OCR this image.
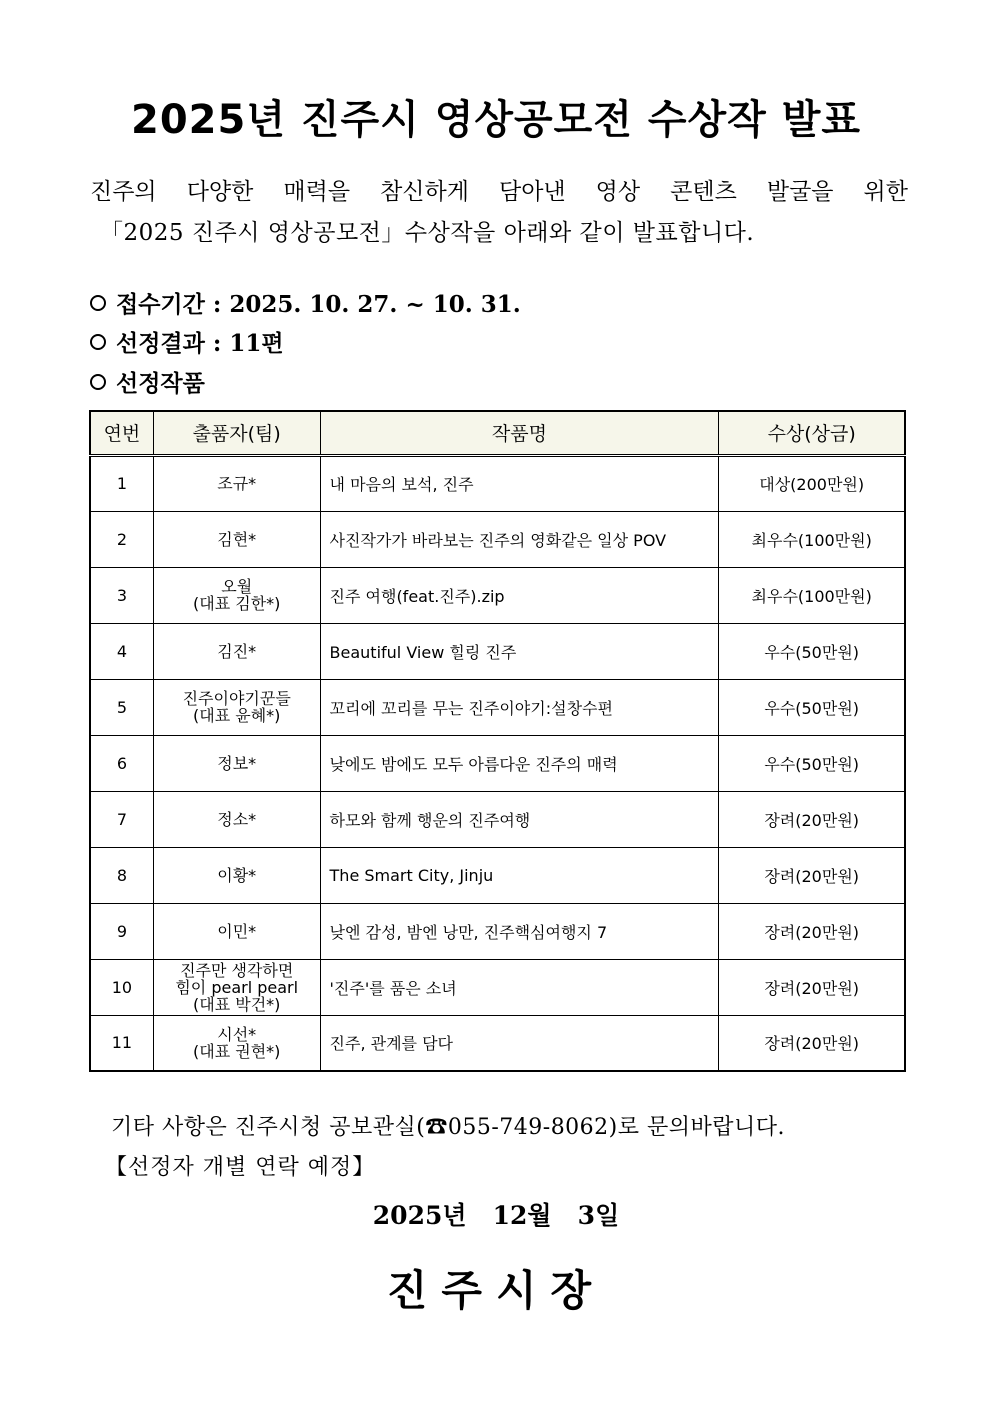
2025년 진주시 영상공모전 수상작 발표
진주의 다양한 매력을 참신하게 담아낸 영상 콘텐츠 발굴을 위한
「2025 진주시 영상공모전」수상작을 아래와 같이 발표합니다.
접수기간 : 2025. 10. 27. ~ 10. 31.
선정결과 : 11편
선정작품
연번	출품자(팀)	작품명	수상(상금)
1	조규*	내 마음의 보석, 진주	대상(200만원)
2	김현*	사진작가가 바라보는 진주의 영화같은 일상 POV	최우수(100만원)
3	오월
(대표 김한*)	진주 여행(feat.진주).zip	최우수(100만원)
4	김진*	Beautiful View 힐링 진주	우수(50만원)
5	진주이야기꾼들
(대표 윤혜*)	꼬리에 꼬리를 무는 진주이야기:설창수편	우수(50만원)
6	정보*	낮에도 밤에도 모두 아름다운 진주의 매력	우수(50만원)
7	정소*	하모와 함께 행운의 진주여행	장려(20만원)
8	이황*	The Smart City, Jinju	장려(20만원)
9	이민*	낮엔 감성, 밤엔 낭만, 진주핵심여행지 7	장려(20만원)
10	진주만 생각하면
힘이 pearl pearl
(대표 박건*)	'진주'를 품은 소녀	장려(20만원)
11	시선*
(대표 권현*)	진주, 관계를 담다	장려(20만원)
기타 사항은 진주시청 공보관실(☎055-749-8062)로 문의바랍니다.
【선정자 개별 연락 예정】
2025년   12월   3일
진주시장
